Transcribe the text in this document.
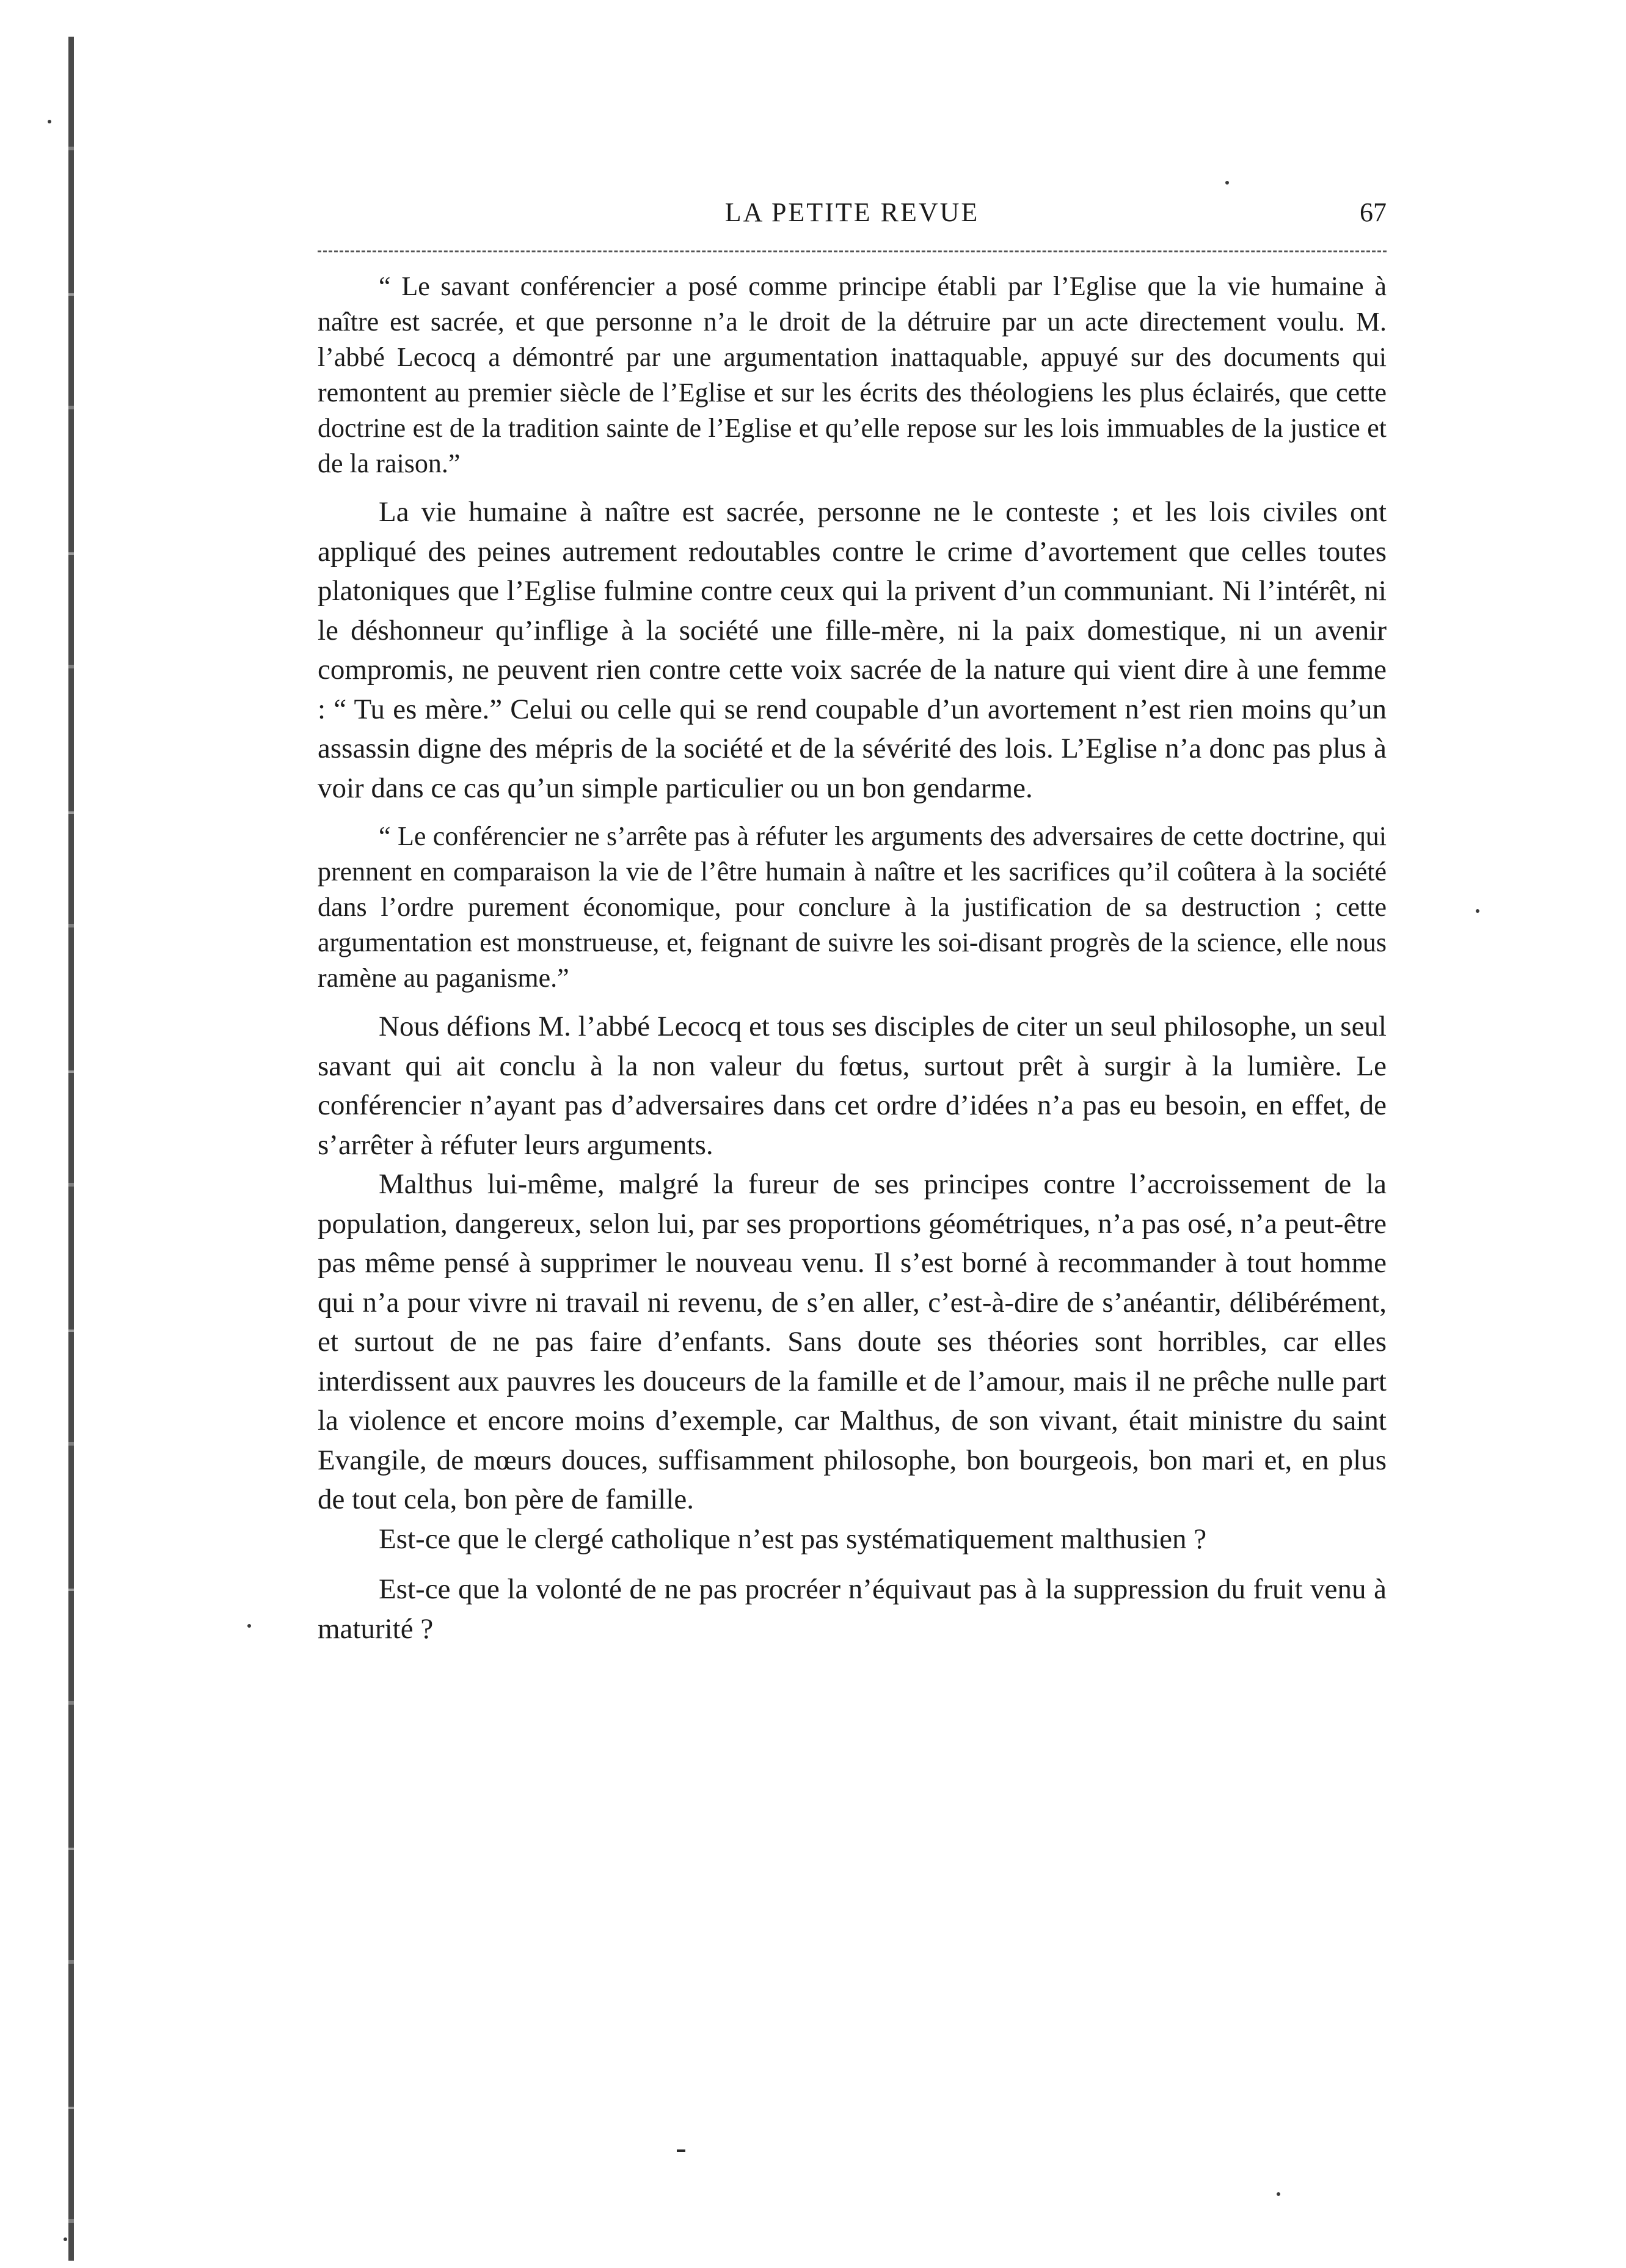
LA PETITE REVUE	67

“ Le savant conférencier a posé comme principe établi par l’Eglise que la vie humaine à naître est sacrée, et que personne n’a le droit de la détruire par un acte directement voulu. M. l’abbé Lecocq a démontré par une argumentation inattaquable, appuyé sur des documents qui remontent au premier siècle de l’Eglise et sur les écrits des théologiens les plus éclairés, que cette doctrine est de la tradition sainte de l’Eglise et qu’elle repose sur les lois immuables de la justice et de la raison.”

La vie humaine à naître est sacrée, personne ne le conteste ; et les lois civiles ont appliqué des peines autrement redoutables contre le crime d’avortement que celles toutes platoniques que l’Eglise fulmine contre ceux qui la privent d’un communiant. Ni l’intérêt, ni le déshonneur qu’inflige à la société une fille-mère, ni la paix domestique, ni un avenir compromis, ne peuvent rien contre cette voix sacrée de la nature qui vient dire à une femme : “ Tu es mère.” Celui ou celle qui se rend coupable d’un avortement n’est rien moins qu’un assassin digne des mépris de la société et de la sévérité des lois. L’Eglise n’a donc pas plus à voir dans ce cas qu’un simple particulier ou un bon gendarme.

“ Le conférencier ne s’arrête pas à réfuter les arguments des adversaires de cette doctrine, qui prennent en comparaison la vie de l’être humain à naître et les sacrifices qu’il coûtera à la société dans l’ordre purement économique, pour conclure à la justification de sa destruction ; cette argumentation est monstrueuse, et, feignant de suivre les soi-disant progrès de la science, elle nous ramène au paganisme.”

Nous défions M. l’abbé Lecocq et tous ses disciples de citer un seul philosophe, un seul savant qui ait conclu à la non valeur du fœtus, surtout prêt à surgir à la lumière. Le conférencier n’ayant pas d’adversaires dans cet ordre d’idées n’a pas eu besoin, en effet, de s’arrêter à réfuter leurs arguments.

Malthus lui-même, malgré la fureur de ses principes contre l’accroissement de la population, dangereux, selon lui, par ses proportions géométriques, n’a pas osé, n’a peut-être pas même pensé à supprimer le nouveau venu. Il s’est borné à recommander à tout homme qui n’a pour vivre ni travail ni revenu, de s’en aller, c’est-à-dire de s’anéantir, délibérément, et surtout de ne pas faire d’enfants. Sans doute ses théories sont horribles, car elles interdissent aux pauvres les douceurs de la famille et de l’amour, mais il ne prêche nulle part la violence et encore moins d’exemple, car Malthus, de son vivant, était ministre du saint Evangile, de mœurs douces, suffisamment philosophe, bon bourgeois, bon mari et, en plus de tout cela, bon père de famille.

Est-ce que le clergé catholique n’est pas systématiquement malthusien ?

Est-ce que la volonté de ne pas procréer n’équivaut pas à la suppression du fruit venu à maturité ?
